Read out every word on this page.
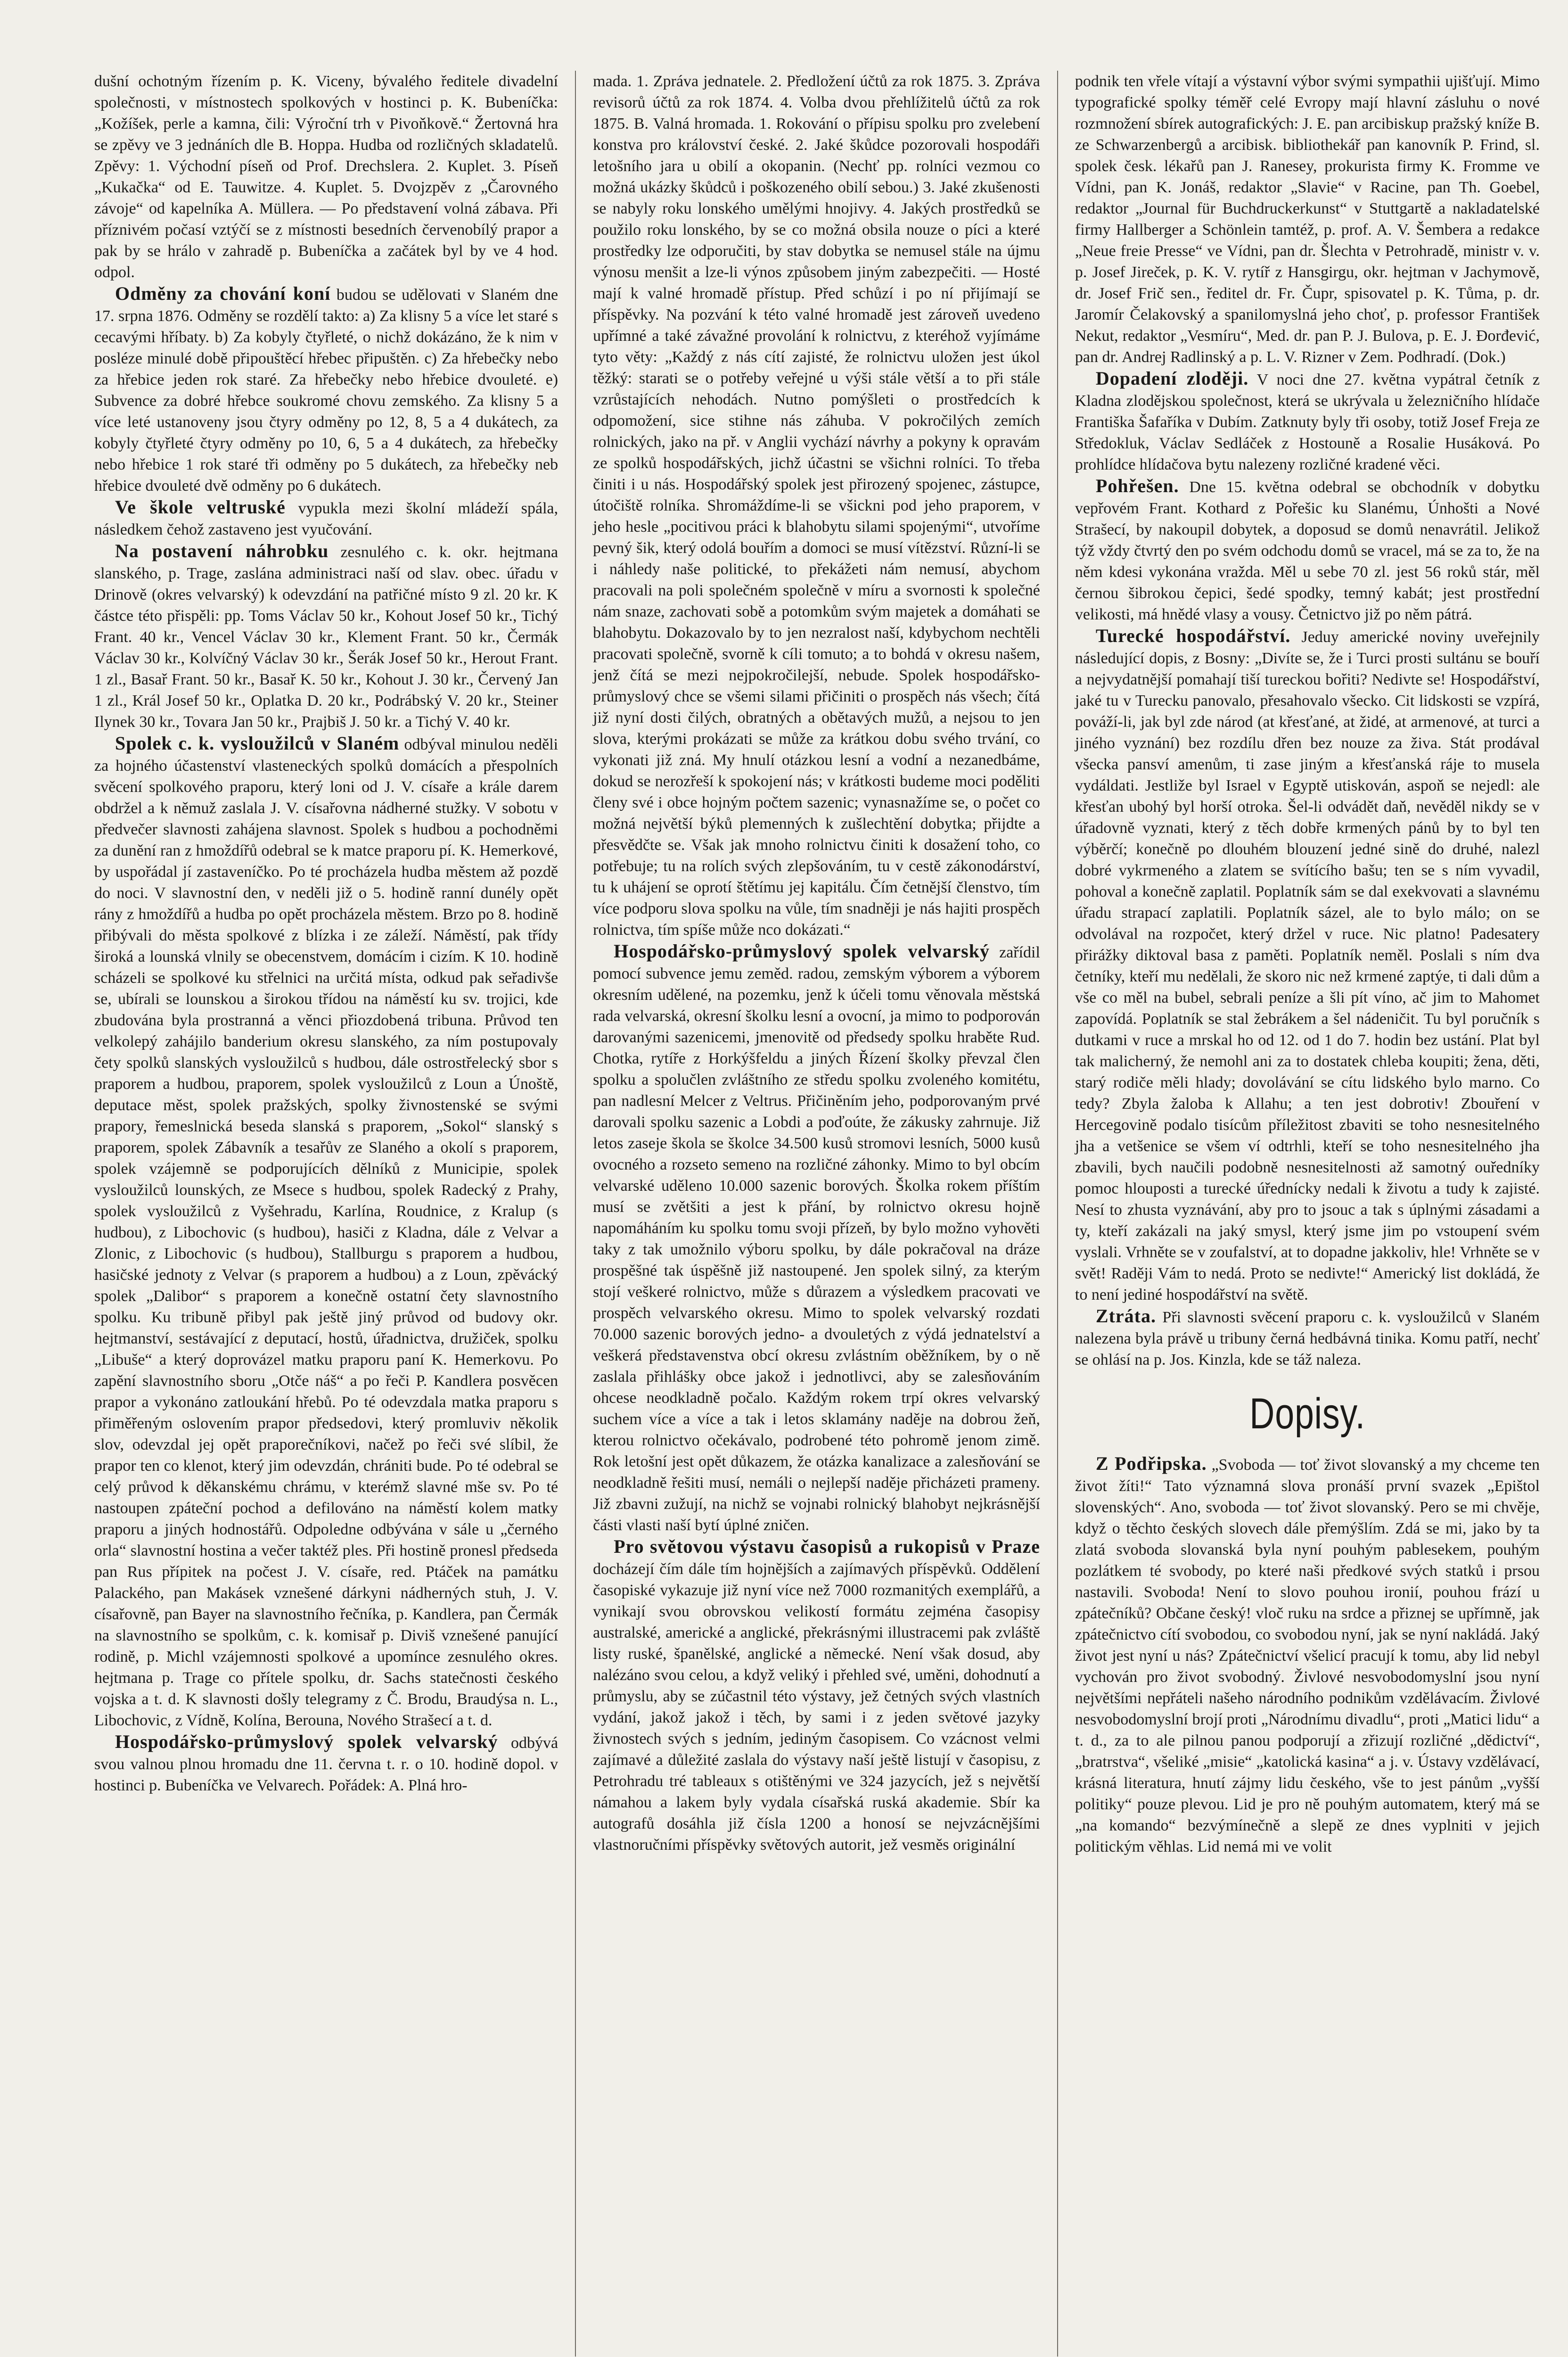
dušní ochotným řízením p. K. Viceny, bývalého ředitele divadelní společnosti, v místnostech spolkových v hostinci p. K. Bubeníčka: „Kožíšek, perle a kamna, čili: Výroční trh v Pivoňkově.“ Žertovná hra se zpěvy ve 3 jednáních dle B. Hoppa. Hudba od rozličných skladatelů. Zpěvy: 1. Východní píseň od Prof. Drechslera. 2. Kuplet. 3. Píseň „Kukačka“ od E. Tauwitze. 4. Kuplet. 5. Dvojzpěv z „Čarovného závoje“ od kapelníka A. Müllera. — Po představení volná zábava. Při příznivém počasí vztýčí se z místnosti besedních červenobílý prapor a pak by se hrálo v zahradě p. Bubeníčka a začátek byl by ve 4 hod. odpol.

Odměny za chování koní budou se udělovati v Slaném dne 17. srpna 1876. Odměny se rozdělí takto: a) Za klisny 5 a více let staré s cecavými hříbaty. b) Za kobyly čtyřleté, o nichž dokázáno, že k nim v posléze minulé době připouštěcí hřebec připuštěn. c) Za hřebečky nebo za hřebice jeden rok staré. Za hřebečky nebo hřebice dvouleté. e) Subvence za dobré hřebce soukromé chovu zemského. Za klisny 5 a více leté ustanoveny jsou čtyry odměny po 12, 8, 5 a 4 dukátech, za kobyly čtyřleté čtyry odměny po 10, 6, 5 a 4 dukátech, za hřebečky nebo hřebice 1 rok staré tři odměny po 5 dukátech, za hřebečky neb hřebice dvouleté dvě odměny po 6 dukátech.

Ve škole veltruské vypukla mezi školní mládeží spála, následkem čehož zastaveno jest vyučování.

Na postavení náhrobku zesnulého c. k. okr. hejtmana slanského, p. Trage, zaslána administraci naší od slav. obec. úřadu v Drinově (okres velvarský) k odevzdání na patřičné místo 9 zl. 20 kr. K částce této přispěli: pp. Toms Václav 50 kr., Kohout Josef 50 kr., Tichý Frant. 40 kr., Vencel Václav 30 kr., Klement Frant. 50 kr., Čermák Václav 30 kr., Kolvíčný Václav 30 kr., Šerák Josef 50 kr., Herout Frant. 1 zl., Basař Frant. 50 kr., Basař K. 50 kr., Kohout J. 30 kr., Červený Jan 1 zl., Král Josef 50 kr., Oplatka D. 20 kr., Podrábský V. 20 kr., Steiner Ilynek 30 kr., Tovara Jan 50 kr., Prajbiš J. 50 kr. a Tichý V. 40 kr.

Spolek c. k. vysloužilců v Slaném odbýval minulou neděli za hojného účastenství vlasteneckých spolků domácích a přespolních svěcení spolkového praporu, který loni od J. V. císaře a krále darem obdržel a k němuž zaslala J. V. císařovna nádherné stužky. V sobotu v předvečer slavnosti zahájena slavnost. Spolek s hudbou a pochodněmi za dunění ran z hmoždířů odebral se k matce praporu pí. K. Hemerkové, by uspořádal jí zastaveníčko. Po té procházela hudba městem až pozdě do noci. V slavnostní den, v neděli již o 5. hodině ranní dunély opět rány z hmoždířů a hudba po opět procházela městem. Brzo po 8. hodině přibývali do města spolkové z blízka i ze záleží. Náměstí, pak třídy široká a lounská vlnily se obecenstvem, domácím i cizím. K 10. hodině scházeli se spolkové ku střelnici na určitá místa, odkud pak seřadivše se, ubírali se lounskou a širokou třídou na náměstí ku sv. trojici, kde zbudována byla prostranná a věnci přiozdobená tribuna. Průvod ten velkolepý zahájilo banderium okresu slanského, za ním postupovaly čety spolků slanských vysloužilců s hudbou, dále ostrostřelecký sbor s praporem a hudbou, praporem, spolek vysloužilců z Loun a Únoště, deputace měst, spolek pražských, spolky živnostenské se svými prapory, řemeslnická beseda slanská s praporem, „Sokol“ slanský s praporem, spolek Zábavník a tesařův ze Slaného a okolí s praporem, spolek vzájemně se podporujících dělníků z Municipie, spolek vysloužilců lounských, ze Msece s hudbou, spolek Radecký z Prahy, spolek vysloužilců z Vyšehradu, Karlína, Roudnice, z Kralup (s hudbou), z Libochovic (s hudbou), hasiči z Kladna, dále z Velvar a Zlonic, z Libochovic (s hudbou), Stallburgu s praporem a hudbou, hasičské jednoty z Velvar (s praporem a hudbou) a z Loun, zpěvácký spolek „Dalibor“ s praporem a konečně ostatní čety slavnostního spolku. Ku tribuně přibyl pak ještě jiný průvod od budovy okr. hejtmanství, sestávající z deputací, hostů, úřadnictva, družiček, spolku „Libuše“ a který doprovázel matku praporu paní K. Hemerkovu. Po zapění slavnostního sboru „Otče náš“ a po řeči P. Kandlera posvěcen prapor a vykonáno zatloukání hřebů. Po té odevzdala matka praporu s přiměřeným oslovením prapor předsedovi, který promluviv několik slov, odevzdal jej opět praporečníkovi, načež po řeči své slíbil, že prapor ten co klenot, který jim odevzdán, chrániti bude. Po té odebral se celý průvod k děkanskému chrámu, v kterémž slavné mše sv. Po té nastoupen zpáteční pochod a defilováno na náměstí kolem matky praporu a jiných hodnostářů. Odpoledne odbývána v sále u „černého orla“ slavnostní hostina a večer taktéž ples. Při hostině pronesl předseda pan Rus přípitek na počest J. V. císaře, red. Ptáček na památku Palackého, pan Makásek vznešené dárkyni nádherných stuh, J. V. císařovně, pan Bayer na slavnostního řečníka, p. Kandlera, pan Čermák na slavnostního se spolkům, c. k. komisař p. Diviš vznešené panující rodině, p. Michl vzájemnosti spolkové a upomínce zesnulého okres. hejtmana p. Trage co přítele spolku, dr. Sachs statečnosti českého vojska a t. d. K slavnosti došly telegramy z Č. Brodu, Braudýsa n. L., Libochovic, z Vídně, Kolína, Berouna, Nového Strašecí a t. d.

Hospodářsko-průmyslový spolek velvarský odbývá svou valnou plnou hromadu dne 11. června t. r. o 10. hodině dopol. v hostinci p. Bubeníčka ve Velvarech. Pořádek: A. Plná hro-

mada. 1. Zpráva jednatele. 2. Předložení účtů za rok 1875. 3. Zpráva revisorů účtů za rok 1874. 4. Volba dvou přehlížitelů účtů za rok 1875. B. Valná hromada. 1. Rokování o přípisu spolku pro zvelebení konstva pro království české. 2. Jaké škůdce pozorovali hospodáři letošního jara u obilí a okopanin. (Nechť pp. rolníci vezmou co možná ukázky škůdců i poškozeného obilí sebou.) 3. Jaké zkušenosti se nabyly roku lonského umělými hnojivy. 4. Jakých prostředků se použilo roku lonského, by se co možná obsila nouze o píci a které prostředky lze odporučiti, by stav dobytka se nemusel stále na újmu výnosu menšit a lze-li výnos způsobem jiným zabezpečiti. — Hosté mají k valné hromadě přístup. Před schůzí i po ní přijímají se příspěvky. Na pozvání k této valné hromadě jest zároveň uvedeno upřímné a také závažné provolání k rolnictvu, z kteréhož vyjímáme tyto věty: „Každý z nás cítí zajisté, že rolnictvu uložen jest úkol těžký: starati se o potřeby veřejné u výši stále větší a to při stále vzrůstajících nehodách. Nutno pomýšleti o prostředcích k odpomožení, sice stihne nás záhuba. V pokročilých zemích rolnických, jako na př. v Anglii vychází návrhy a pokyny k opravám ze spolků hospodářských, jichž účastni se všichni rolníci. To třeba činiti i u nás. Hospodářský spolek jest přirozený spojenec, zástupce, útočiště rolníka. Shromáždíme-li se všickni pod jeho praporem, v jeho hesle „pocitivou práci k blahobytu silami spojenými“, utvoříme pevný šik, který odolá bouřím a domoci se musí vítězství. Různí-li se i náhledy naše politické, to překážeti nám nemusí, abychom pracovali na poli společném společně v míru a svornosti k společné nám snaze, zachovati sobě a potomkům svým majetek a domáhati se blahobytu. Dokazovalo by to jen nezralost naší, kdybychom nechtěli pracovati společně, svorně k cíli tomuto; a to bohdá v okresu našem, jenž čítá se mezi nejpokročilejší, nebude. Spolek hospodářsko-průmyslový chce se všemi silami přičiniti o prospěch nás všech; čítá již nyní dosti čilých, obratných a obětavých mužů, a nejsou to jen slova, kterými prokázati se může za krátkou dobu svého trvání, co vykonati již zná. My hnulí otázkou lesní a vodní a nezanedbáme, dokud se nerozřeší k spokojení nás; v krátkosti budeme moci poděliti členy své i obce hojným počtem sazenic; vynasnažíme se, o počet co možná největší býků plemenných k zušlechtění dobytka; přijdte a přesvědčte se. Však jak mnoho rolnictvu činiti k dosažení toho, co potřebuje; tu na rolích svých zlepšováním, tu v cestě zákonodárství, tu k uhájení se oprotí štětímu jej kapitálu. Čím četnější členstvo, tím více podporu slova spolku na vůle, tím snadněji je nás hajiti prospěch rolnictva, tím spíše může nco dokázati.“

Hospodářsko-průmyslový spolek velvarský zařídil pomocí subvence jemu zeměd. radou, zemským výborem a výborem okresním udělené, na pozemku, jenž k účeli tomu věnovala městská rada velvarská, okresní školku lesní a ovocní, ja mimo to podporován darovanými sazenicemi, jmenovitě od předsedy spolku hraběte Rud. Chotka, rytíře z Horkýšfeldu a jiných Řízení školky převzal člen spolku a spolučlen zvláštního ze středu spolku zvoleného komitétu, pan nadlesní Melcer z Veltrus. Přičiněním jeho, podporovaným prvé darovali spolku sazenic a Lobdi a poďoúte, že zákusky zahrnuje. Již letos zaseje škola se školce 34.500 kusů stromovi lesních, 5000 kusů ovocného a rozseto semeno na rozličné záhonky. Mimo to byl obcím velvarské uděleno 10.000 sazenic borových. Školka rokem příštím musí se zvětšiti a jest k přání, by rolnictvo okresu hojně napomáháním ku spolku tomu svoji přízeň, by bylo možno vyhověti taky z tak umožnilo výboru spolku, by dále pokračoval na dráze prospěšné tak úspěšně již nastoupené. Jen spolek silný, za kterým stojí veškeré rolnictvo, může s důrazem a výsledkem pracovati ve prospěch velvarského okresu. Mimo to spolek velvarský rozdati 70.000 sazenic borových jedno- a dvouletých z výdá jednatelství a veškerá představenstva obcí okresu zvlástním oběžníkem, by o ně zaslala přihlášky obce jakož i jednotlivci, aby se zalesňováním ohcese neodkladně počalo. Každým rokem trpí okres velvarský suchem více a více a tak i letos sklamány naděje na dobrou žeň, kterou rolnictvo očekávalo, podrobené této pohromě jenom zimě. Rok letošní jest opět důkazem, že otázka kanalizace a zalesňování se neodkladně řešiti musí, nemáli o nejlepší naděje přicházeti prameny. Již zbavni zužují, na nichž se vojnabi rolnický blahobyt nejkrásnější části vlasti naší bytí úplné zničen.

Pro světovou výstavu časopisů a rukopisů v Praze docházejí čím dále tím hojnějších a zajímavých příspěvků. Oddělení časopiské vykazuje již nyní více než 7000 rozmanitých exemplářů, a vynikají svou obrovskou velikostí formátu zejména časopisy australské, americké a anglické, překrásnými illustracemi pak zvláště listy ruské, španělské, anglické a německé. Není však dosud, aby nalézáno svou celou, a když veliký i přehled své, uměni, dohodnutí a průmyslu, aby se zúčastnil této výstavy, jež četných svých vlastních vydání, jakož jakož i těch, by sami i z jeden světové jazyky živnostech svých s jedním, jediným časopisem. Co vzácnost velmi zajímavé a důležité zaslala do výstavy naší ještě listují v časopisu, z Petrohradu tré tableaux s otištěnými ve 324 jazycích, jež s největší námahou a lakem byly vydala císařská ruská akademie. Sbír ka autografů dosáhla již čísla 1200 a honosí se nejvzácnějšími vlastnoručními příspěvky světových autorit, jež vesměs originální

podnik ten vřele vítají a výstavní výbor svými sympathii ujišťují. Mimo typografické spolky téměř celé Evropy mají hlavní zásluhu o nové rozmnožení sbírek autografických: J. E. pan arcibiskup pražský kníže B. ze Schwarzenbergů a arcibisk. bibliothekář pan kanovník P. Frind, sl. spolek česk. lékařů pan J. Ranesey, prokurista firmy K. Fromme ve Vídni, pan K. Jonáš, redaktor „Slavie“ v Racine, pan Th. Goebel, redaktor „Journal für Buchdruckerkunst“ v Stuttgartě a nakladatelské firmy Hallberger a Schönlein tamtéž, p. prof. A. V. Šembera a redakce „Neue freie Presse“ ve Vídni, pan dr. Šlechta v Petrohradě, ministr v. v. p. Josef Jireček, p. K. V. rytíř z Hansgirgu, okr. hejtman v Jachymově, dr. Josef Frič sen., ředitel dr. Fr. Čupr, spisovatel p. K. Tůma, p. dr. Jaromír Čelakovský a spanilomyslná jeho choť, p. professor František Nekut, redaktor „Vesmíru“, Med. dr. pan P. J. Bulova, p. E. J. Đorđević, pan dr. Andrej Radlinský a p. L. V. Rizner v Zem. Podhradí. (Dok.)

Dopadení zloději. V noci dne 27. května vypátral četník z Kladna zlodějskou společnost, která se ukrývala u železničního hlídače Františka Šafaříka v Dubím. Zatknuty byly tři osoby, totiž Josef Freja ze Středokluk, Václav Sedláček z Hostouně a Rosalie Husáková. Po prohlídce hlídačova bytu nalezeny rozličné kradené věci.

Pohřešen. Dne 15. května odebral se obchodník v dobytku vepřovém Frant. Kothard z Pořešic ku Slanému, Únhošti a Nové Strašecí, by nakoupil dobytek, a doposud se domů nenavrátil. Jelikož týž vždy čtvrtý den po svém odchodu domů se vracel, má se za to, že na něm kdesi vykonána vražda. Měl u sebe 70 zl. jest 56 roků stár, měl černou šibrokou čepici, šedé spodky, temný kabát; jest prostřední velikosti, má hnědé vlasy a vousy. Četnictvo již po něm pátrá.

Turecké hospodářství. Jeduy americké noviny uveřejnily následující dopis, z Bosny: „Divíte se, že i Turci prosti sultánu se bouří a nejvydatnější pomahají tiší tureckou bořiti? Nedivte se! Hospodářství, jaké tu v Turecku panovalo, přesahovalo všecko. Cit lidskosti se vzpírá, pováží-li, jak byl zde národ (at křesťané, at židé, at armenové, at turci a jiného vyznání) bez rozdílu dřen bez nouze za živa. Stát prodával všecka pansví amenům, ti zase jiným a křesťanská ráje to musela vydáldati. Jestliže byl Israel v Egyptě utiskován, aspoň se nejedl: ale křesťan ubohý byl horší otroka. Šel-li odvádět daň, nevěděl nikdy se v úřadovně vyznati, který z těch dobře krmených pánů by to byl ten výběrčí; konečně po dlouhém blouzení jedné sině do druhé, nalezl dobré vykrmeného a zlatem se svítícího bašu; ten se s ním vyvadil, pohoval a konečně zaplatil. Poplatník sám se dal exekvovati a slavnému úřadu strapací zaplatili. Poplatník sázel, ale to bylo málo; on se odvolával na rozpočet, který držel v ruce. Nic platno! Padesatery přirážky diktoval basa z paměti. Poplatník neměl. Poslali s ním dva četníky, kteří mu nedělali, že skoro nic než krmené zaptýe, ti dali dům a vše co měl na bubel, sebrali peníze a šli pít víno, ač jim to Mahomet zapovídá. Poplatník se stal žebrákem a šel nádeničit. Tu byl poručník s dutkami v ruce a mrskal ho od 12. od 1 do 7. hodin bez ustání. Plat byl tak malicherný, že nemohl ani za to dostatek chleba koupiti; žena, děti, starý rodiče měli hlady; dovolávání se cítu lidského bylo marno. Co tedy? Zbyla žaloba k Allahu; a ten jest dobrotiv! Zbouření v Hercegovině podalo tisícům příležitost zbaviti se toho nesnesitelného jha a vetšenice se všem ví odtrhli, kteří se toho nesnesitelného jha zbavili, bych naučili podobně nesnesitelnosti až samotný ouředníky pomoc hlouposti a turecké úřednícky nedali k životu a tudy k zajisté. Nesí to zhusta vyznávání, aby pro to jsouc a tak s úplnými zásadami a ty, kteří zakázali na jaký smysl, který jsme jim po vstoupení svém vyslali. Vrhněte se v zoufalství, at to dopadne jakkoliv, hle! Vrhněte se v svět! Raději Vám to nedá. Proto se nedivte!“ Americký list dokládá, že to není jediné hospodářství na světě.

Ztráta. Při slavnosti svěcení praporu c. k. vysloužilců v Slaném nalezena byla právě u tribuny černá hedbávná tinika. Komu patří, nechť se ohlásí na p. Jos. Kinzla, kde se táž naleza.

Dopisy.

Z Podřipska. „Svoboda — toť život slovanský a my chceme ten život žíti!“ Tato významná slova pronáší první svazek „Epištol slovenských“. Ano, svoboda — toť život slovanský. Pero se mi chvěje, když o těchto českých slovech dále přemýšlím. Zdá se mi, jako by ta zlatá svoboda slovanská byla nyní pouhým pablesekem, pouhým pozlátkem té svobody, po které naši předkové svých statků i prsou nastavili. Svoboda! Není to slovo pouhou ironií, pouhou frází u zpátečníků? Občane český! vloč ruku na srdce a přiznej se upřímně, jak zpátečnictvo cítí svobodou, co svobodou nyní, jak se nyní nakládá. Jaký život jest nyní u nás? Zpátečnictví všelicí pracují k tomu, aby lid nebyl vychován pro život svobodný. Živlové nesvobodomyslní jsou nyní největšími nepřáteli našeho národního podnikům vzdělávacím. Živlové nesvobodomyslní brojí proti „Národnímu divadlu“, proti „Matici lidu“ a t. d., za to ale pilnou panou podporují a zřizují rozličné „dědictví“, „bratrstva“, všeliké „misie“ „katolická kasina“ a j. v. Ústavy vzdělávací, krásná literatura, hnutí zájmy lidu českého, vše to jest pánům „vyšší politiky“ pouze plevou. Lid je pro ně pouhým automatem, který má se „na komando“ bezvýmínečně a slepě ze dnes vyplniti v jejich politickým věhlas. Lid nemá mi ve volit
